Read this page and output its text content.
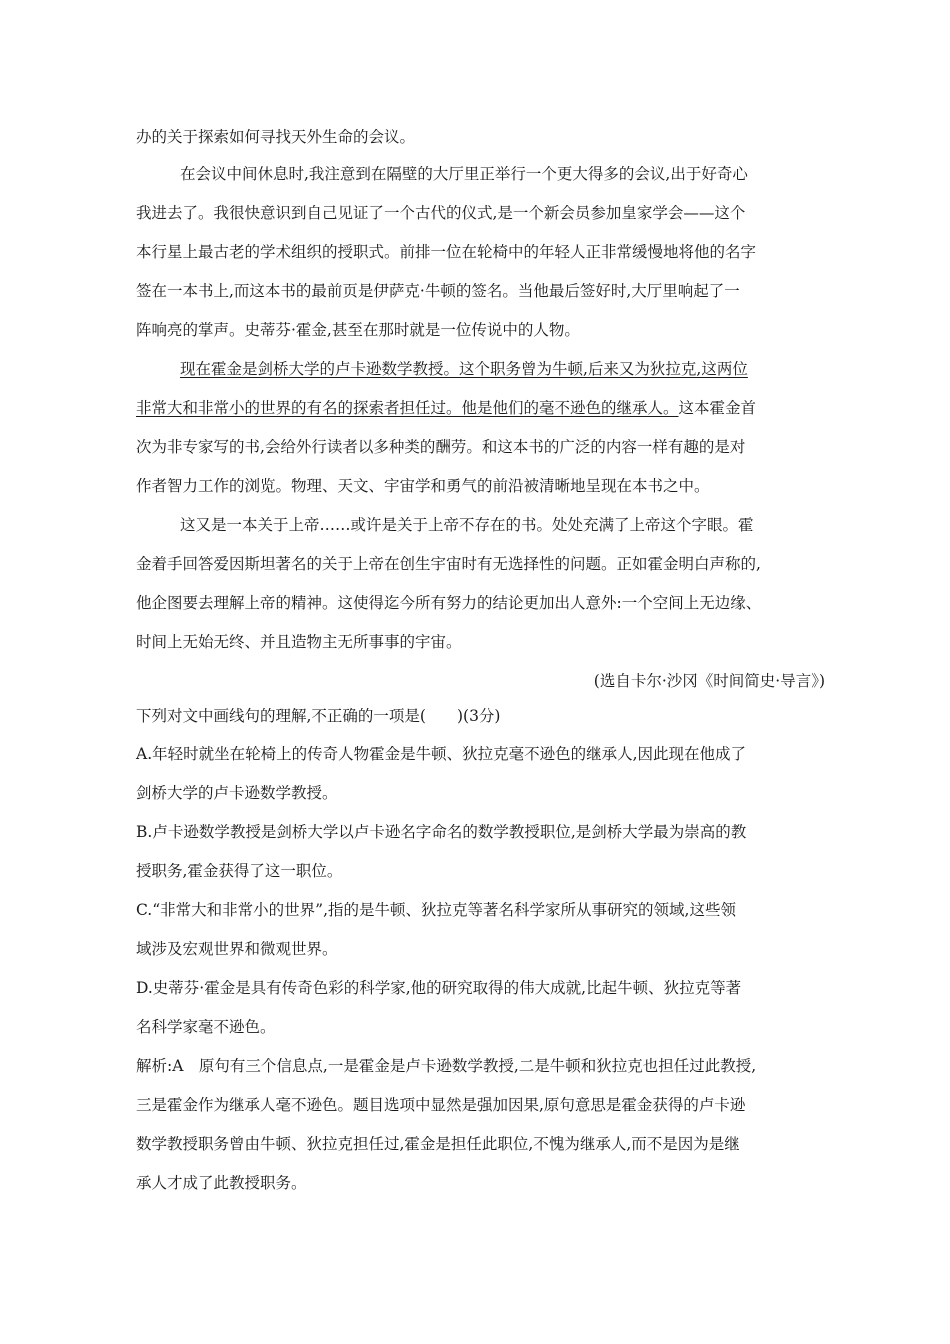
办的关于探索如何寻找天外生命的会议。
在会议中间休息时,我注意到在隔壁的大厅里正举行一个更大得多的会议,出于好奇心
我进去了。我很快意识到自己见证了一个古代的仪式,是一个新会员参加皇家学会——这个
本行星上最古老的学术组织的授职式。前排一位在轮椅中的年轻人正非常缓慢地将他的名字
签在一本书上,而这本书的最前页是伊萨克·牛顿的签名。当他最后签好时,大厅里响起了一
阵响亮的掌声。史蒂芬·霍金,甚至在那时就是一位传说中的人物。
现在霍金是剑桥大学的卢卡逊数学教授。这个职务曾为牛顿,后来又为狄拉克,这两位
非常大和非常小的世界的有名的探索者担任过。他是他们的毫不逊色的继承人。这本霍金首
次为非专家写的书,会给外行读者以多种类的酬劳。和这本书的广泛的内容一样有趣的是对
作者智力工作的浏览。物理、天文、宇宙学和勇气的前沿被清晰地呈现在本书之中。
这又是一本关于上帝……或许是关于上帝不存在的书。处处充满了上帝这个字眼。霍
金着手回答爱因斯坦著名的关于上帝在创生宇宙时有无选择性的问题。正如霍金明白声称的,
他企图要去理解上帝的精神。这使得迄今所有努力的结论更加出人意外:一个空间上无边缘、
时间上无始无终、并且造物主无所事事的宇宙。
(选自卡尔·沙冈《时间简史·导言》)
下列对文中画线句的理解,不正确的一项是(　　)(3分)
A.年轻时就坐在轮椅上的传奇人物霍金是牛顿、狄拉克毫不逊色的继承人,因此现在他成了
剑桥大学的卢卡逊数学教授。
B.卢卡逊数学教授是剑桥大学以卢卡逊名字命名的数学教授职位,是剑桥大学最为崇高的教
授职务,霍金获得了这一职位。
C.“非常大和非常小的世界”,指的是牛顿、狄拉克等著名科学家所从事研究的领域,这些领
域涉及宏观世界和微观世界。
D.史蒂芬·霍金是具有传奇色彩的科学家,他的研究取得的伟大成就,比起牛顿、狄拉克等著
名科学家毫不逊色。
解析:A　原句有三个信息点,一是霍金是卢卡逊数学教授,二是牛顿和狄拉克也担任过此教授,
三是霍金作为继承人毫不逊色。题目选项中显然是强加因果,原句意思是霍金获得的卢卡逊
数学教授职务曾由牛顿、狄拉克担任过,霍金是担任此职位,不愧为继承人,而不是因为是继
承人才成了此教授职务。
